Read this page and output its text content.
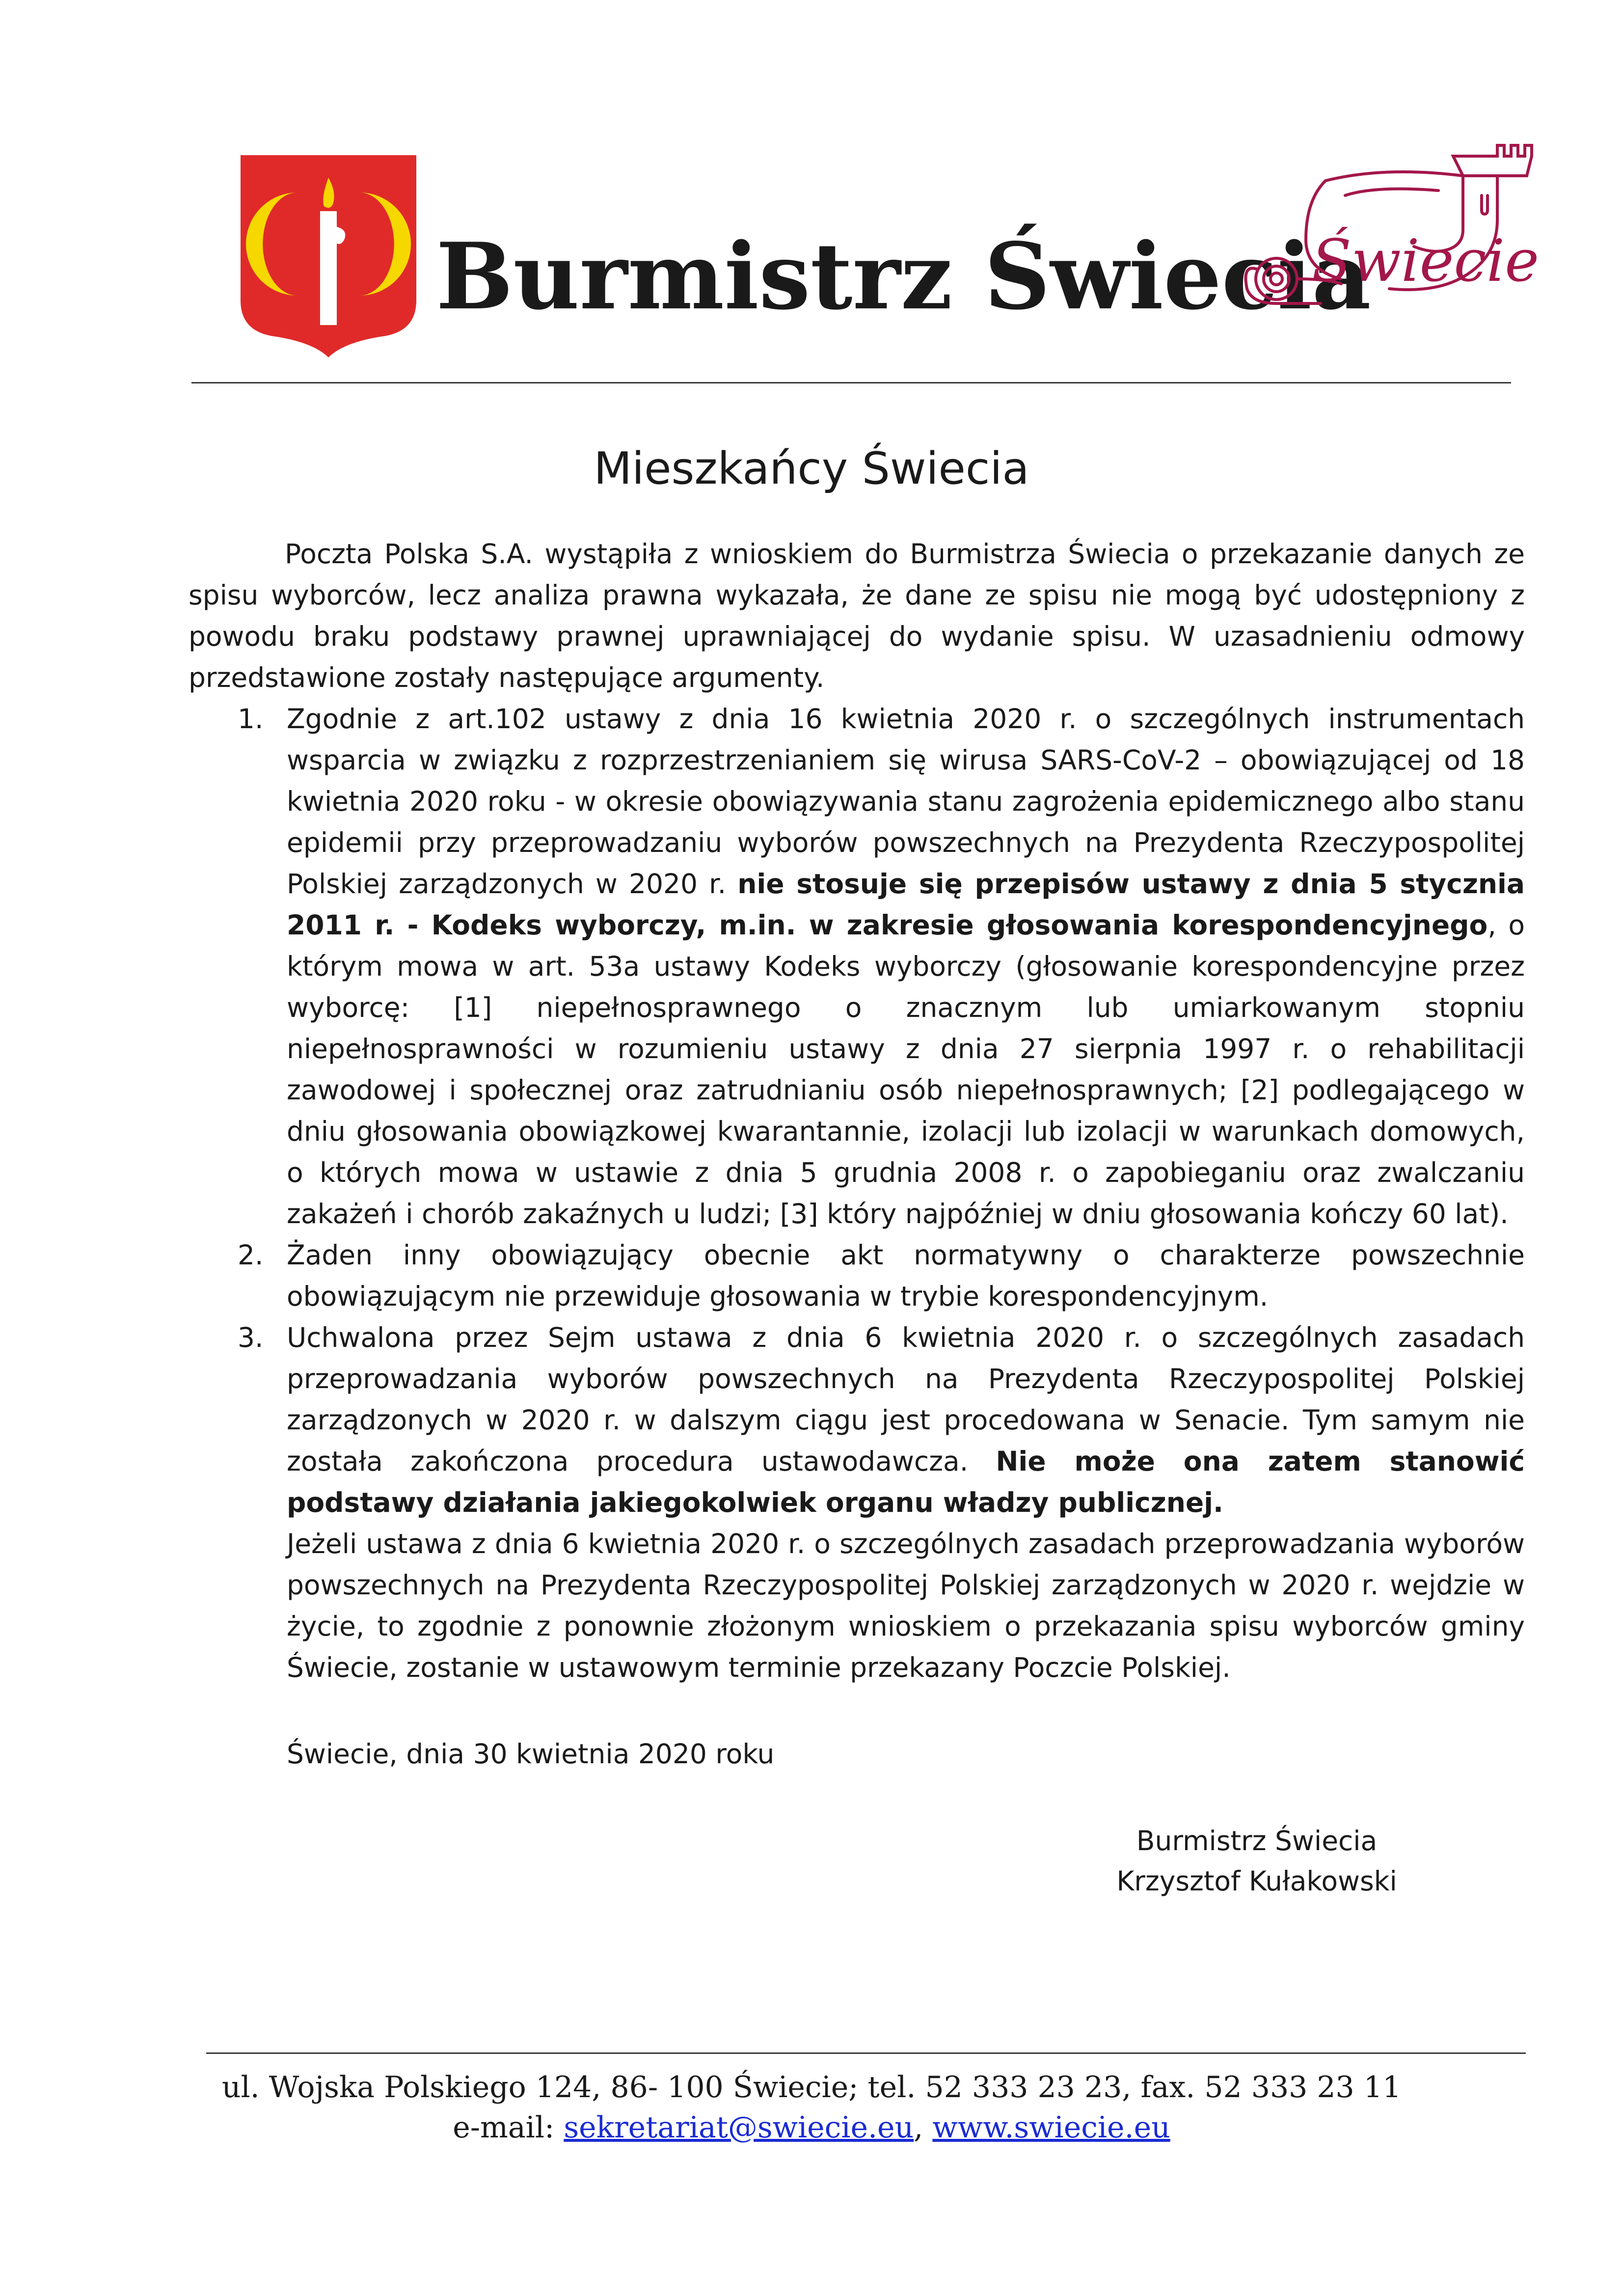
Burmistrz Świecia
Świecie
Mieszkańcy Świecia

Poczta Polska S.A. wystąpiła z wnioskiem do Burmistrza Świecia o przekazanie danych ze spisu wyborców, lecz analiza prawna wykazała, że dane ze spisu nie mogą być udostępniony z powodu braku podstawy prawnej uprawniającej do wydanie spisu. W uzasadnieniu odmowy przedstawione zostały następujące argumenty.

1. Zgodnie z art.102 ustawy z dnia 16 kwietnia 2020 r. o szczególnych instrumentach wsparcia w związku z rozprzestrzenianiem się wirusa SARS-CoV-2 – obowiązującej od 18 kwietnia 2020 roku - w okresie obowiązywania stanu zagrożenia epidemicznego albo stanu epidemii przy przeprowadzaniu wyborów powszechnych na Prezydenta Rzeczypospolitej Polskiej zarządzonych w 2020 r. nie stosuje się przepisów ustawy z dnia 5 stycznia 2011 r. - Kodeks wyborczy, m.in. w zakresie głosowania korespondencyjnego, o którym mowa w art. 53a ustawy Kodeks wyborczy (głosowanie korespondencyjne przez wyborcę: [1] niepełnosprawnego o znacznym lub umiarkowanym stopniu niepełnosprawności w rozumieniu ustawy z dnia 27 sierpnia 1997 r. o rehabilitacji zawodowej i społecznej oraz zatrudnianiu osób niepełnosprawnych; [2] podlegającego w dniu głosowania obowiązkowej kwarantannie, izolacji lub izolacji w warunkach domowych, o których mowa w ustawie z dnia 5 grudnia 2008 r. o zapobieganiu oraz zwalczaniu zakażeń i chorób zakaźnych u ludzi; [3] który najpóźniej w dniu głosowania kończy 60 lat).

2. Żaden inny obowiązujący obecnie akt normatywny o charakterze powszechnie obowiązującym nie przewiduje głosowania w trybie korespondencyjnym.

3. Uchwalona przez Sejm ustawa z dnia 6 kwietnia 2020 r. o szczególnych zasadach przeprowadzania wyborów powszechnych na Prezydenta Rzeczypospolitej Polskiej zarządzonych w 2020 r. w dalszym ciągu jest procedowana w Senacie. Tym samym nie została zakończona procedura ustawodawcza. Nie może ona zatem stanowić podstawy działania jakiegokolwiek organu władzy publicznej.

Jeżeli ustawa z dnia 6 kwietnia 2020 r. o szczególnych zasadach przeprowadzania wyborów powszechnych na Prezydenta Rzeczypospolitej Polskiej zarządzonych w 2020 r. wejdzie w życie, to zgodnie z ponownie złożonym wnioskiem o przekazania spisu wyborców gminy Świecie, zostanie w ustawowym terminie przekazany Poczcie Polskiej.

Świecie, dnia 30 kwietnia 2020 roku
Burmistrz Świecia
Krzysztof Kułakowski
ul. Wojska Polskiego 124, 86- 100 Świecie; tel. 52 333 23 23, fax. 52 333 23 11
e-mail: sekretariat@swiecie.eu, www.swiecie.eu
